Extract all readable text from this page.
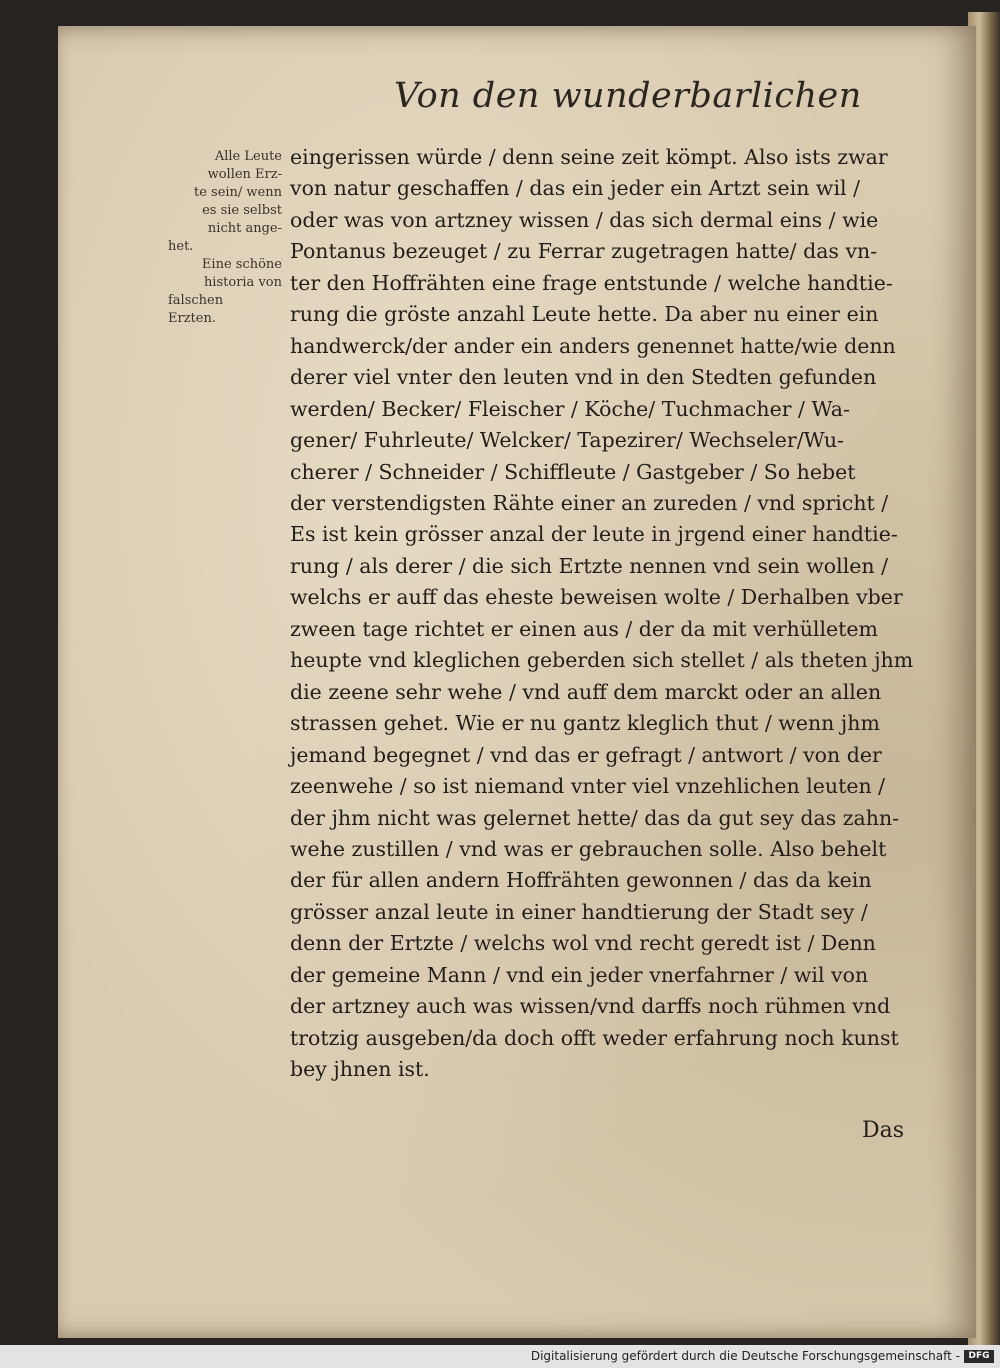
Von den wunderbarlichen
Alle Leute
wollen Erz-
te sein/ wenn
es sie selbst
nicht ange-
het.
Eine schöne
historia von
falschen
Erzten.
eingerissen würde / denn seine zeit kömpt. Also ists zwar
von natur geschaffen / das ein jeder ein Artzt sein wil /
oder was von artzney wissen / das sich dermal eins / wie
Pontanus bezeuget / zu Ferrar zugetragen hatte/ das vn-
ter den Hoffrähten eine frage entstunde / welche handtie-
rung die gröste anzahl Leute hette. Da aber nu einer ein
handwerck/der ander ein anders genennet hatte/wie denn
derer viel vnter den leuten vnd in den Stedten gefunden
werden/ Becker/ Fleischer / Köche/ Tuchmacher / Wa-
gener/ Fuhrleute/ Welcker/ Tapezirer/ Wechseler/Wu-
cherer / Schneider / Schiffleute / Gastgeber / So hebet
der verstendigsten Rähte einer an zureden / vnd spricht /
Es ist kein grösser anzal der leute in jrgend einer handtie-
rung / als derer / die sich Ertzte nennen vnd sein wollen /
welchs er auff das eheste beweisen wolte / Derhalben vber
zween tage richtet er einen aus / der da mit verhülletem
heupte vnd kleglichen geberden sich stellet / als theten jhm
die zeene sehr wehe / vnd auff dem marckt oder an allen
strassen gehet. Wie er nu gantz kleglich thut / wenn jhm
jemand begegnet / vnd das er gefragt / antwort / von der
zeenwehe / so ist niemand vnter viel vnzehlichen leuten /
der jhm nicht was gelernet hette/ das da gut sey das zahn-
wehe zustillen / vnd was er gebrauchen solle. Also behelt
der für allen andern Hoffrähten gewonnen / das da kein
grösser anzal leute in einer handtierung der Stadt sey /
denn der Ertzte / welchs wol vnd recht geredt ist / Denn
der gemeine Mann / vnd ein jeder vnerfahrner / wil von
der artzney auch was wissen/vnd darffs noch rühmen vnd
trotzig ausgeben/da doch offt weder erfahrung noch kunst
bey jhnen ist.
Das
Digitalisierung gefördert durch die Deutsche Forschungsgemeinschaft - DFG
